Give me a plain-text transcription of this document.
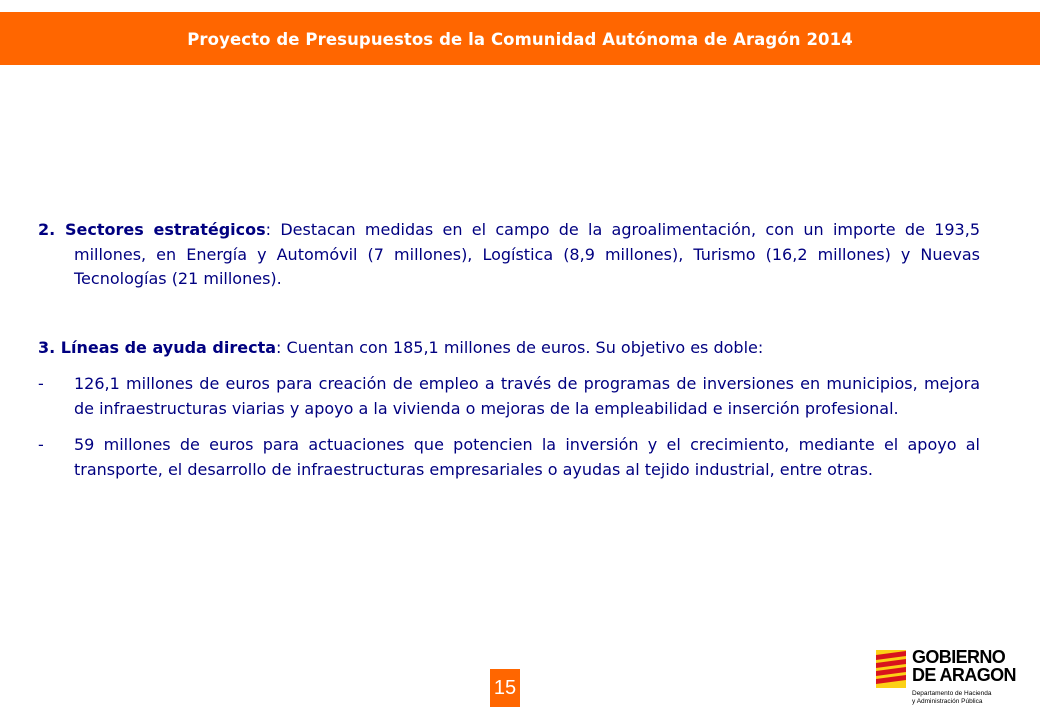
Proyecto de Presupuestos de la Comunidad Autónoma de Aragón 2014

2. Sectores estratégicos: Destacan medidas en el campo de la agroalimentación, con un importe de 193,5 millones, en Energía y Automóvil (7 millones), Logística (8,9 millones), Turismo (16,2 millones) y Nuevas Tecnologías (21 millones).

3. Líneas de ayuda directa: Cuentan con 185,1 millones de euros. Su objetivo es doble:

- 126,1 millones de euros para creación de empleo a través de programas de inversiones en municipios, mejora de infraestructuras viarias y apoyo a la vivienda o mejoras de la empleabilidad e inserción profesional.

- 59 millones de euros para actuaciones que potencien la inversión y el crecimiento, mediante el apoyo al transporte, el desarrollo de infraestructuras empresariales o ayudas al tejido industrial, entre otras.

15
GOBIERNO
DE ARAGON
Departamento de Hacienda
y Administración Pública
